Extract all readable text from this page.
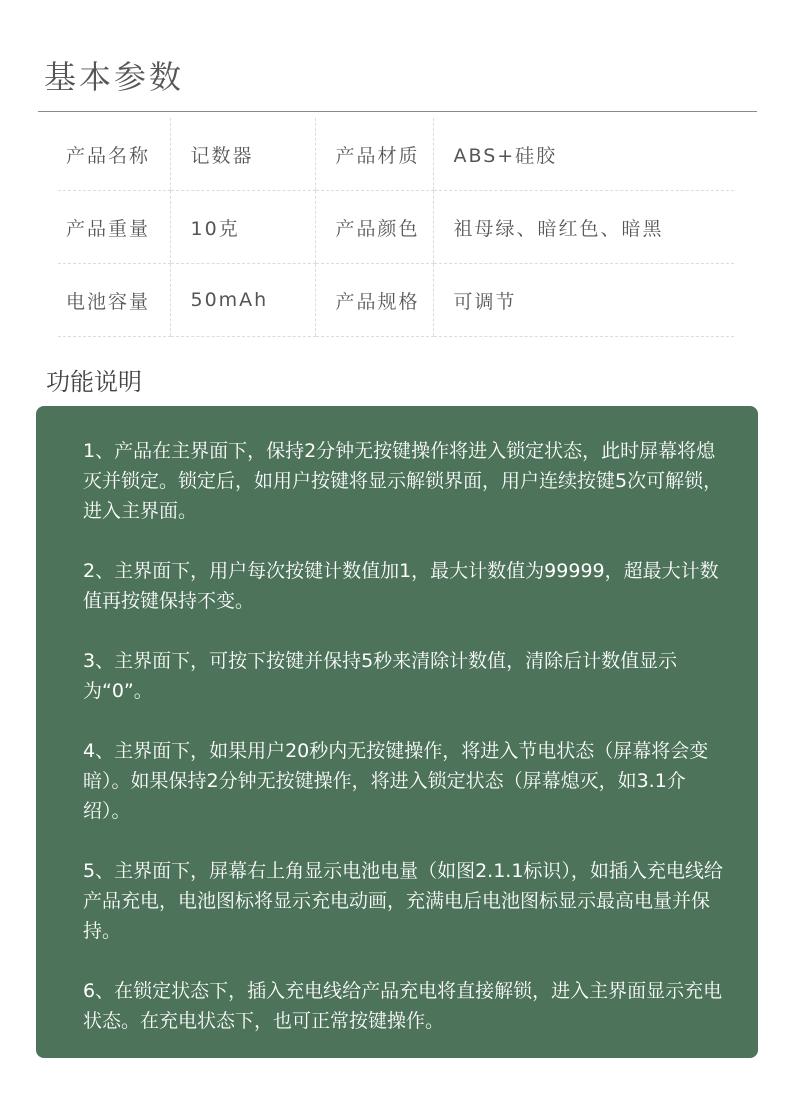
基本参数
产品名称	记数器	产品材质	ABS+硅胶
产品重量	10克	产品颜色	祖母绿、暗红色、暗黑
电池容量	50mAh	产品规格	可调节
功能说明

1、产品在主界面下，保持2分钟无按键操作将进入锁定状态，此时屏幕将熄灭并锁定。锁定后，如用户按键将显示解锁界面，用户连续按键5次可解锁，进入主界面。

2、主界面下，用户每次按键计数值加1，最大计数值为99999，超最大计数值再按键保持不变。

3、主界面下，可按下按键并保持5秒来清除计数值，清除后计数值显示为“0”。

4、主界面下，如果用户20秒内无按键操作，将进入节电状态（屏幕将会变暗）。如果保持2分钟无按键操作，将进入锁定状态（屏幕熄灭，如3.1介绍）。

5、主界面下，屏幕右上角显示电池电量（如图2.1.1标识），如插入充电线给产品充电，电池图标将显示充电动画，充满电后电池图标显示最高电量并保持。

6、在锁定状态下，插入充电线给产品充电将直接解锁，进入主界面显示充电状态。在充电状态下，也可正常按键操作。
